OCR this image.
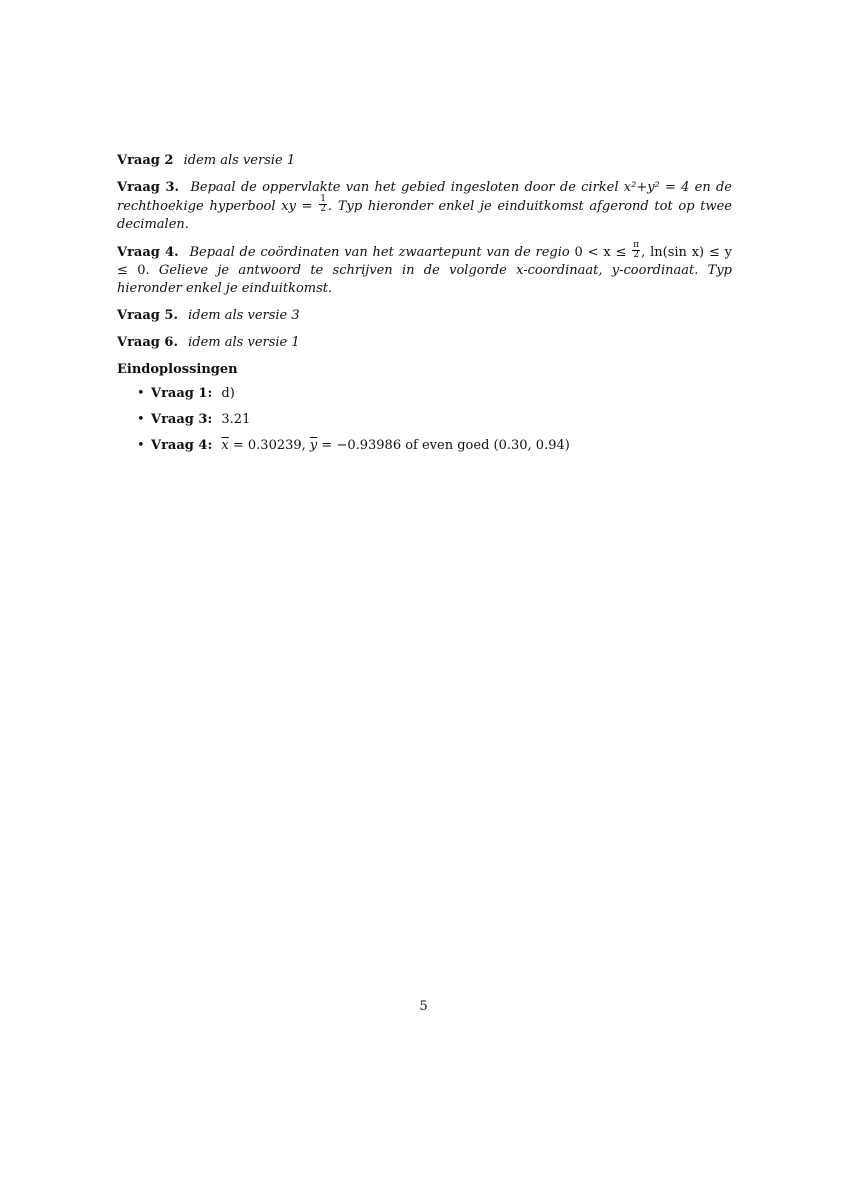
Vraag 2 idem als versie 1

Vraag 3. Bepaal de oppervlakte van het gebied ingesloten door de cirkel x²+y² = 4 en de rechthoekige hyperbool xy = $\frac{1}{2}$ . Typ hieronder enkel je einduitkomst afgerond tot op twee decimalen.

Vraag 4. Bepaal de coördinaten van het zwaartepunt van de regio $0 < x \le \frac{\pi}{2}$ , ln(sin x) ≤ y ≤ 0. Gelieve je antwoord te schrijven in de volgorde x-coordinaat, y-coordinaat. Typ hieronder enkel je einduitkomst.

Vraag 5. idem als versie 3

Vraag 6. idem als versie 1

Eindoplossingen
• Vraag 1: d)
• Vraag 3: 3.21
• Vraag 4: $\overline{x} = 0.30239$, $\overline{y} = -0.93986$ of even goed (0.30, 0.94)
5
